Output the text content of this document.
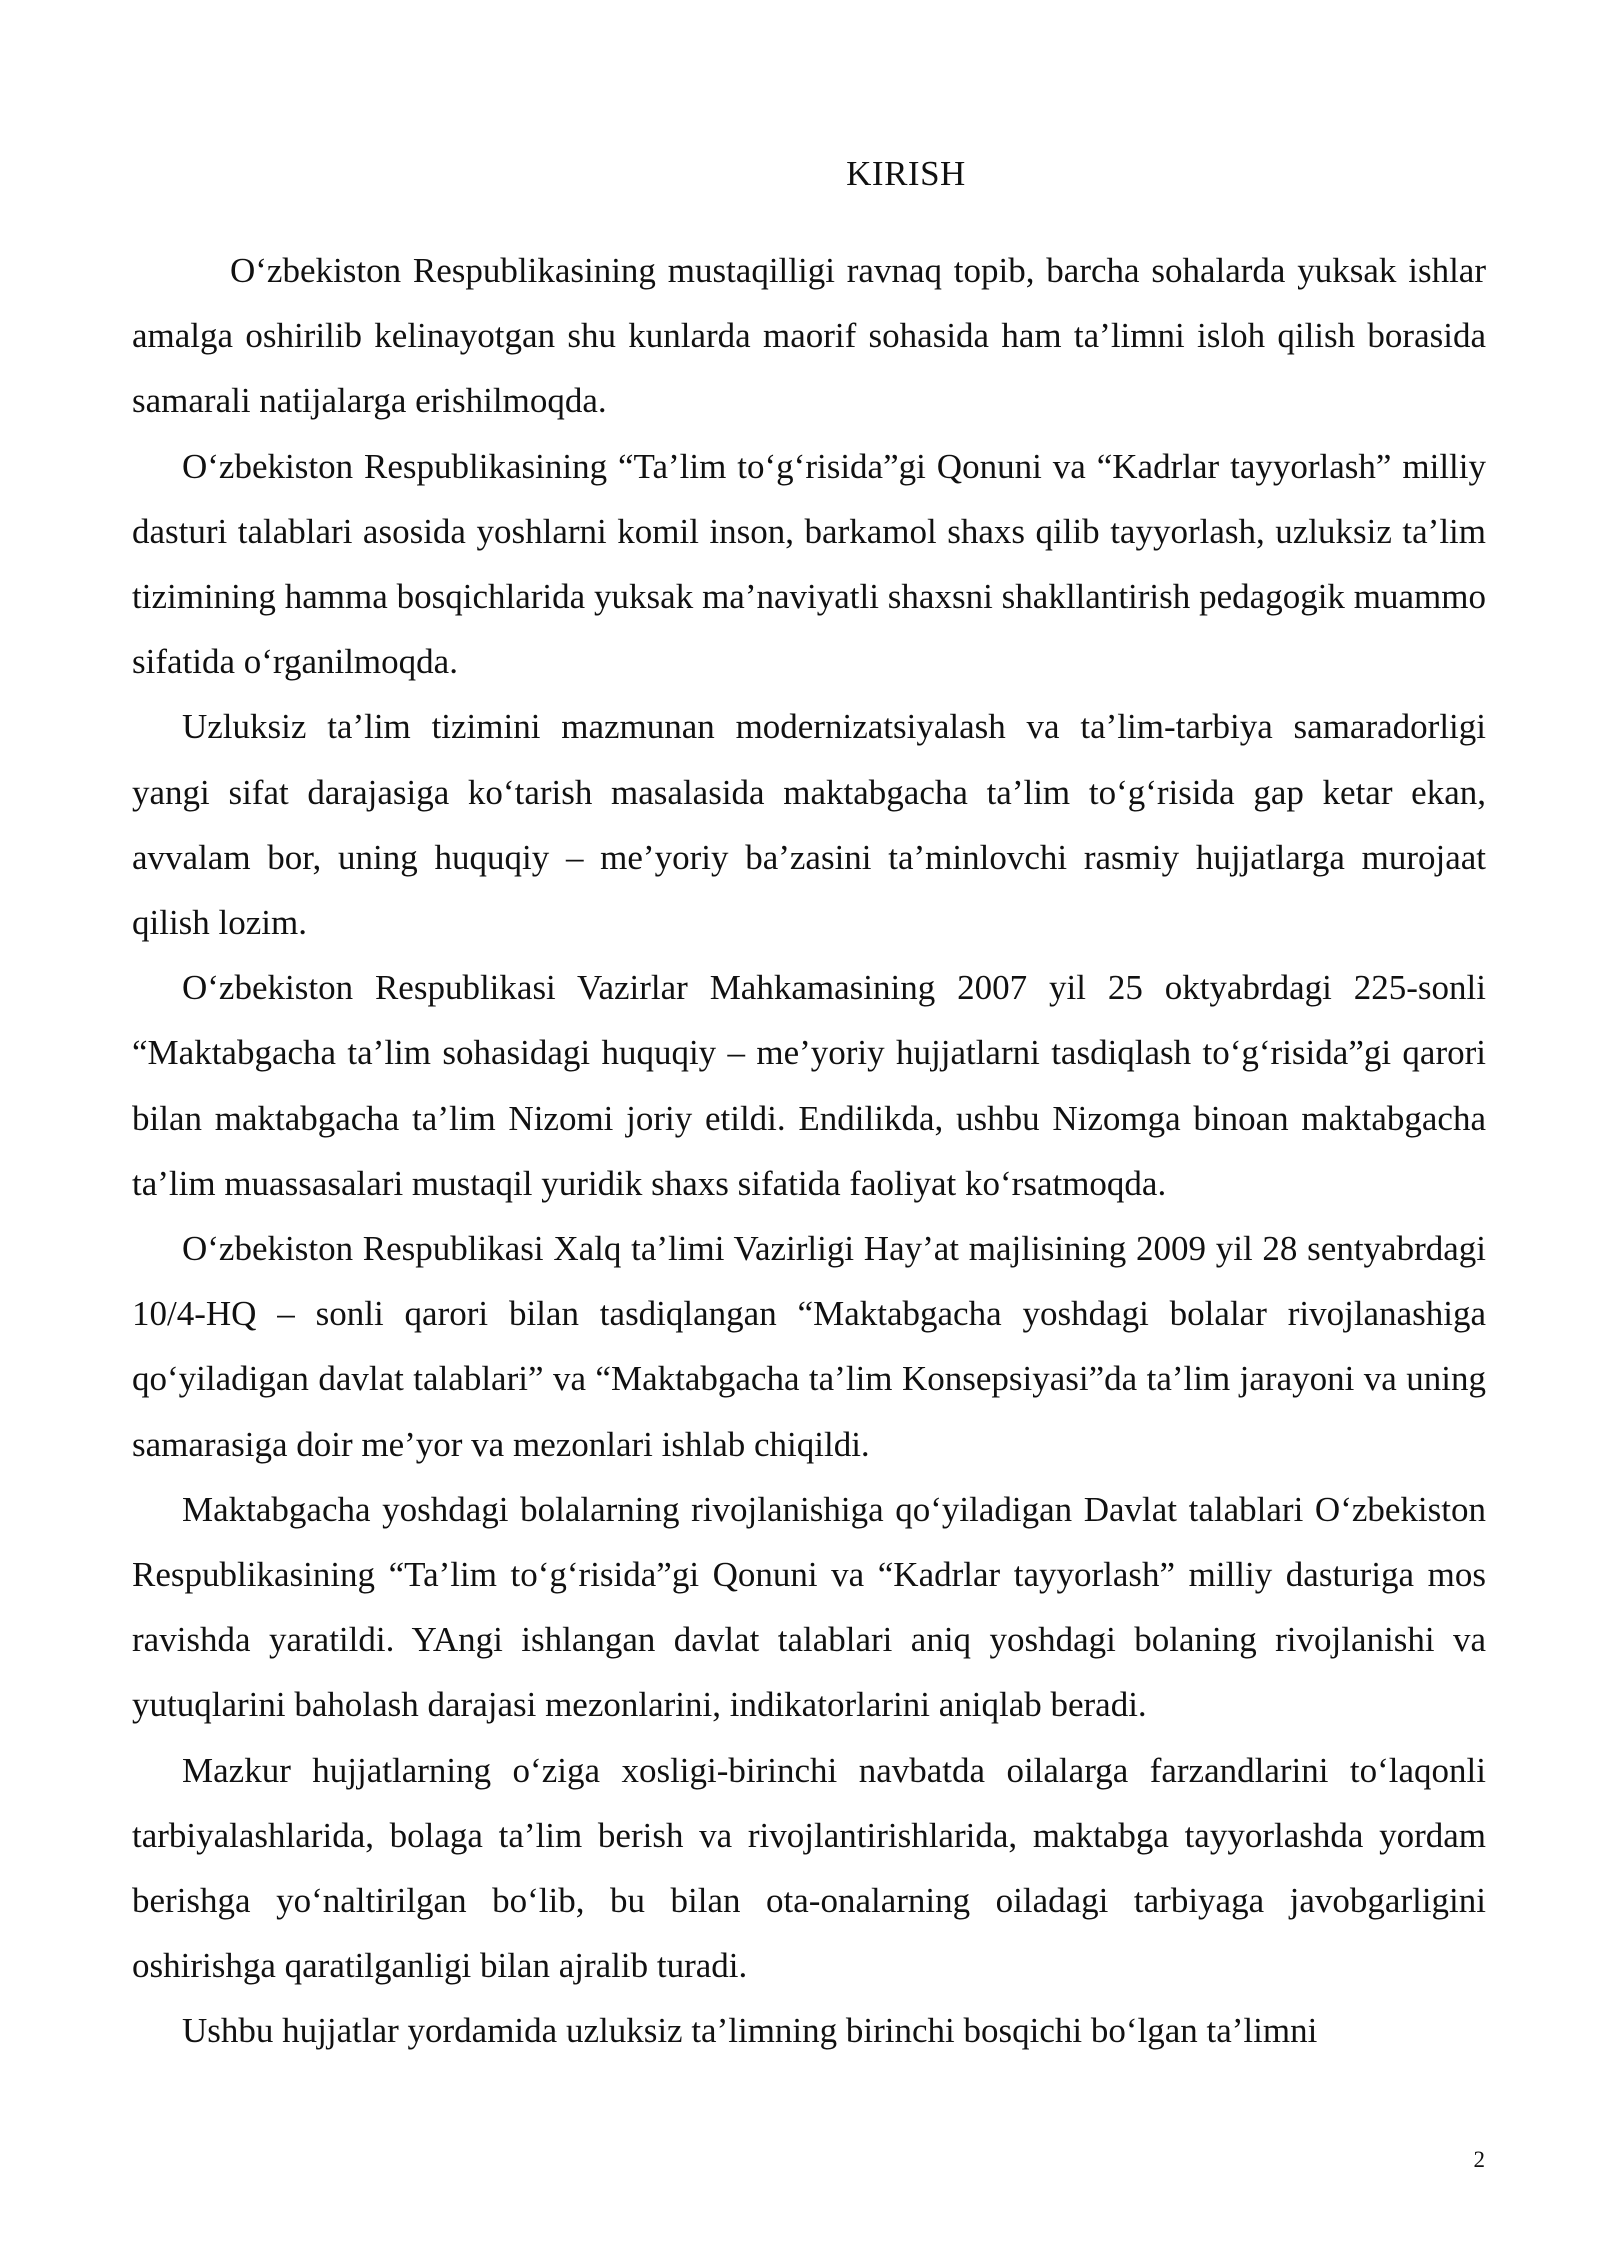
KIRISH

O‘zbekiston Respublikasining mustaqilligi ravnaq topib, barcha sohalarda yuksak ishlar amalga oshirilib kelinayotgan shu kunlarda maorif sohasida ham ta’limni isloh qilish borasida samarali natijalarga erishilmoqda.

O‘zbekiston Respublikasining “Ta’lim to‘g‘risida”gi Qonuni va “Kadrlar tayyorlash” milliy dasturi talablari asosida yoshlarni komil inson, barkamol shaxs qilib tayyorlash, uzluksiz ta’lim tizimining hamma bosqichlarida yuksak ma’naviyatli shaxsni shakllantirish pedagogik muammo sifatida o‘rganilmoqda.

Uzluksiz ta’lim tizimini mazmunan modernizatsiyalash va ta’lim-tarbiya samaradorligi yangi sifat darajasiga ko‘tarish masalasida maktabgacha ta’lim to‘g‘risida gap ketar ekan, avvalam bor, uning huquqiy – me’yoriy ba’zasini ta’minlovchi rasmiy hujjatlarga murojaat qilish lozim.

O‘zbekiston Respublikasi Vazirlar Mahkamasining 2007 yil 25 oktyabrdagi 225-sonli “Maktabgacha ta’lim sohasidagi huquqiy – me’yoriy hujjatlarni tasdiqlash to‘g‘risida”gi qarori bilan maktabgacha ta’lim Nizomi joriy etildi. Endilikda, ushbu Nizomga binoan maktabgacha ta’lim muassasalari mustaqil yuridik shaxs sifatida faoliyat ko‘rsatmoqda.

O‘zbekiston Respublikasi Xalq ta’limi Vazirligi Hay’at majlisining 2009 yil 28 sentyabrdagi 10/4-HQ – sonli qarori bilan tasdiqlangan “Maktabgacha yoshdagi bolalar rivojlanashiga qo‘yiladigan davlat talablari” va “Maktabgacha ta’lim Konsepsiyasi”da ta’lim jarayoni va uning samarasiga doir me’yor va mezonlari ishlab chiqildi.

Maktabgacha yoshdagi bolalarning rivojlanishiga qo‘yiladigan Davlat talablari O‘zbekiston Respublikasining “Ta’lim to‘g‘risida”gi Qonuni va “Kadrlar tayyorlash” milliy dasturiga mos ravishda yaratildi. YAngi ishlangan davlat talablari aniq yoshdagi bolaning rivojlanishi va yutuqlarini baholash darajasi mezonlarini, indikatorlarini aniqlab beradi.

Mazkur hujjatlarning o‘ziga xosligi-birinchi navbatda oilalarga farzandlarini to‘laqonli tarbiyalashlarida, bolaga ta’lim berish va rivojlantirishlarida, maktabga tayyorlashda yordam berishga yo‘naltirilgan bo‘lib, bu bilan ota-onalarning oiladagi tarbiyaga javobgarligini oshirishga qaratilganligi bilan ajralib turadi.

Ushbu hujjatlar yordamida uzluksiz ta’limning birinchi bosqichi bo‘lgan ta’limni

2
